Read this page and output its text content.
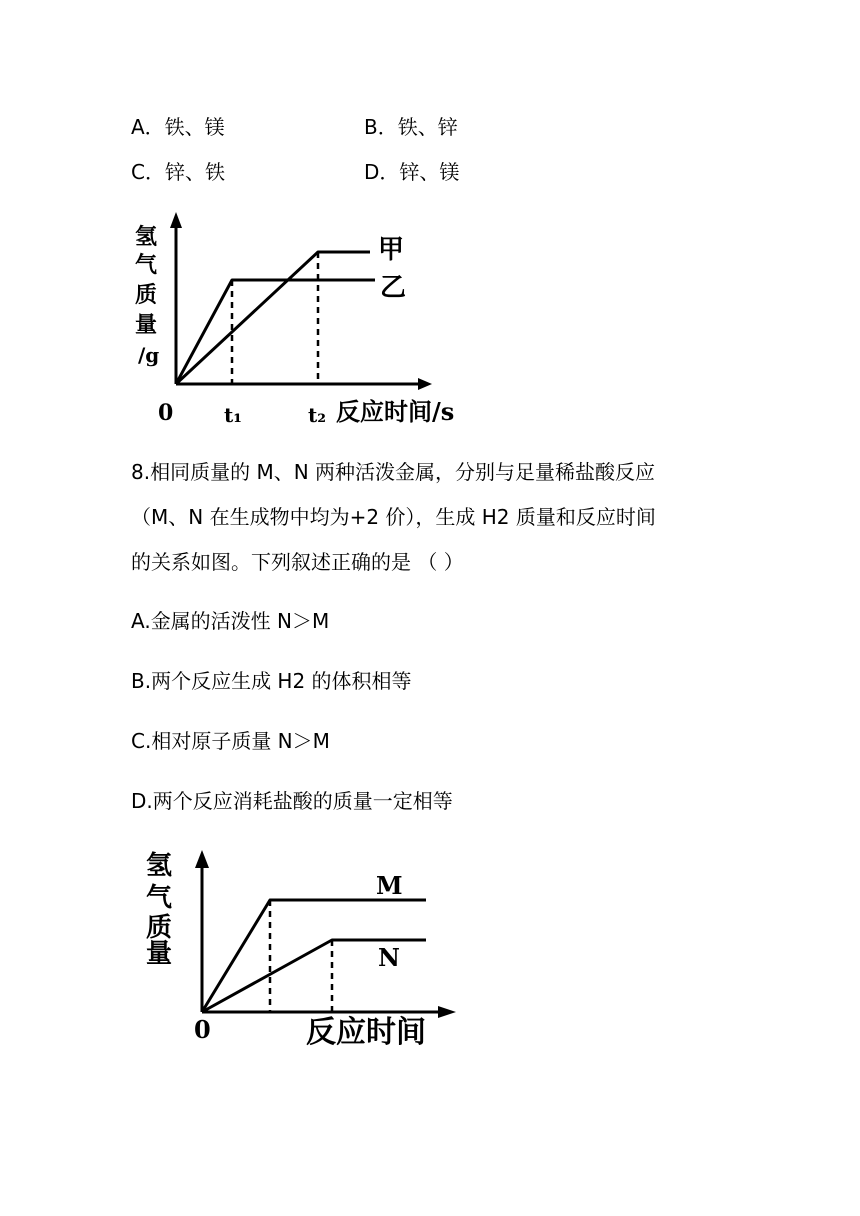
A．铁、镁	B．铁、锌
C．锌、铁	D．锌、镁
氢
气
质
量
/g
甲
乙
0	t₁	t₂ 反应时间/s
8.相同质量的 M、N 两种活泼金属，分别与足量稀盐酸反应
（M、N 在生成物中均为+2 价），生成 H2 质量和反应时间
的关系如图。下列叙述正确的是 （ ）
A.金属的活泼性 N＞M
B.两个反应生成 H2 的体积相等
C.相对原子质量 N＞M
D.两个反应消耗盐酸的质量一定相等
氢
气
质
量
M
N
0	反应时间
